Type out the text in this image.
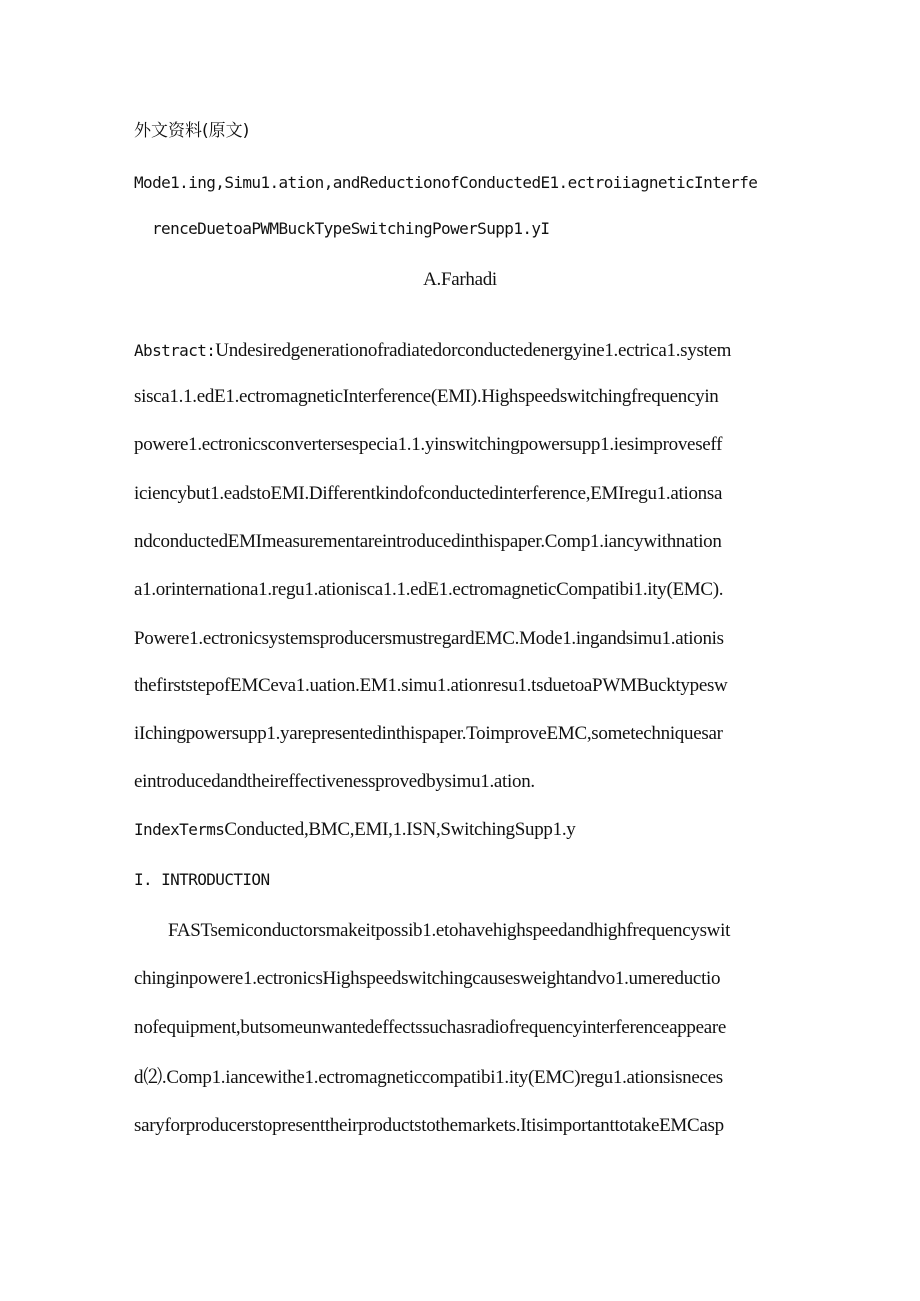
外文资料(原文)
Mode1.ing,Simu1.ation,andReductionofConductedE1.ectroiiagneticInterfe
renceDuetoaPWMBuckTypeSwitchingPowerSupp1.yI
A.Farhadi
Abstract:Undesiredgenerationofradiatedorconductedenergyine1.ectrica1.system
sisca1.1.edE1.ectromagneticInterference(EMI).Highspeedswitchingfrequencyin
powere1.ectronicsconvertersespecia1.1.yinswitchingpowersupp1.iesimproveseff
iciencybut1.eadstoEMI.Differentkindofconductedinterference,EMIregu1.ationsa
ndconductedEMImeasurementareintroducedinthispaper.Comp1.iancywithnation
a1.orinternationa1.regu1.ationisca1.1.edE1.ectromagneticCompatibi1.ity(EMC).
Powere1.ectronicsystemsproducersmustregardEMC.Mode1.ingandsimu1.ationis
thefirststepofEMCeva1.uation.EM1.simu1.ationresu1.tsduetoaPWMBucktypesw
iIchingpowersupp1.yarepresentedinthispaper.ToimproveEMC,sometechniquesar
eintroducedandtheireffectivenessprovedbysimu1.ation.
IndexTermsConducted,BMC,EMI,1.ISN,SwitchingSupp1.y
I. INTRODUCTION
FASTsemiconductorsmakeitpossib1.etohavehighspeedandhighfrequencyswit
chinginpowere1.ectronicsHighspeedswitchingcausesweightandvo1.umereductio
nofequipment,butsomeunwantedeffectssuchasradiofrequencyinterferenceappeare
d⑵.Comp1.iancewithe1.ectromagneticcompatibi1.ity(EMC)regu1.ationsisneces
saryforproducerstopresenttheirproductstothemarkets.ItisimportanttotakeEMCasp
